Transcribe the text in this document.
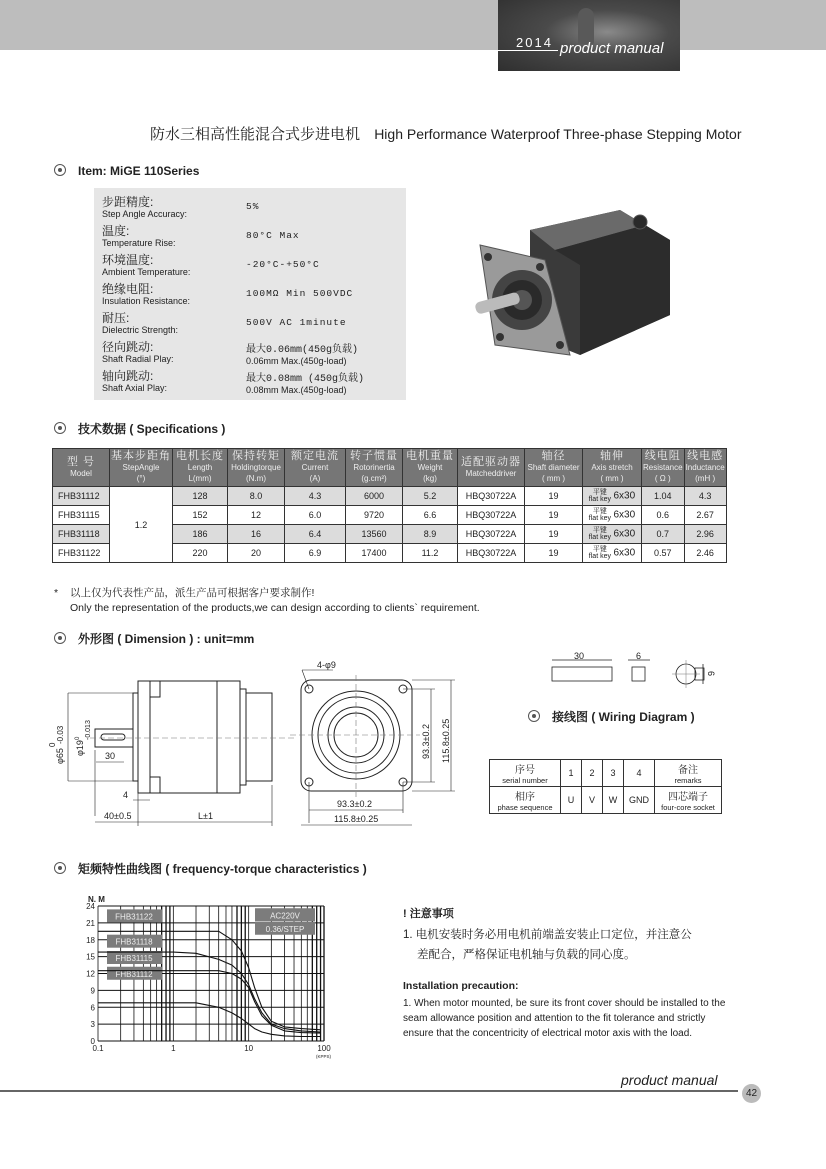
2014 product manual
防水三相高性能混合式步进电机 High Performance Waterproof Three-phase Stepping Motor
Item: MiGE 110Series
步距精度:
Step Angle Accuracy:
5%
温度:
Temperature Rise:
80°C Max
环境温度:
Ambient Temperature:
-20°C-+50°C
绝缘电阻:
Insulation Resistance:
100MΩ Min 500VDC
耐压:
Dielectric Strength:
500V AC 1minute
径向跳动:
Shaft Radial Play:
最大0.06mm(450g负载)
0.06mm Max.(450g-load)
轴向跳动:
Shaft Axial Play:
最大0.08mm (450g负载)
0.08mm Max.(450g-load)
技术数据 ( Specifications )
型 号
Model	基本步距角
StepAngle
(°)	电机长度
Length
L(mm)	保持转矩
Holdingtorque
(N.m)	额定电流
Current
(A)	转子惯量
Rotorinertia
(g.cm²)	电机重量
Weight
(kg)	适配驱动器
Matcheddriver	轴径
Shaft diameter
( mm )	轴伸
Axis stretch
( mm )	线电阻
Resistance
( Ω )	线电感
Inductance
(mH )

FHB31112	1.2	128	8.0	4.3	6000	5.2	HBQ30722A	19	平键
flat key 6x30	1.04	4.3
FHB31115		152	12	6.0	9720	6.6	HBQ30722A	19	平键
flat key 6x30	0.6	2.67
FHB31118		186	16	6.4	13560	8.9	HBQ30722A	19	平键
flat key 6x30	0.7	2.96
FHB31122		220	20	6.9	17400	11.2	HBQ30722A	19	平键
flat key 6x30	0.57	2.46
* 以上仅为代表性产品，派生产品可根据客户要求制作!
Only the representation of the products,we can design according to clients` requirement.
外形图 ( Dimension ) : unit=mm
φ65
0
-0.03
φ19
0 -0.013
30
4
40±0.5	L±1
4-φ9
93.3±0.2
115.8±0.25
93.3±0.2 115.8±0.25
30	6
6
接线图 ( Wiring Diagram )
序号
serial number	1	2	3	4	备注
remarks

相序
phase sequence	U	V	W	GND	四芯端子
four-core socket
矩频特性曲线图 ( frequency-torque characteristics )
0
3
6
9
12
15
18
21
24
0.1	1	10	100
N. M
(KPPS)
FHB31122
FHB31118
FHB31115
FHB31112
AC220V
0.36/STEP
! 注意事项
1. 电机安装时务必用电机前端盖安装止口定位，并注意公
差配合，严格保证电机轴与负载的同心度。
Installation precaution:
1. When motor mounted, be sure its front cover should be installed to the seam allowance position and attention to the fit tolerance and strictly ensure that the concentricity of electrical motor axis with the load.
product manual
42
